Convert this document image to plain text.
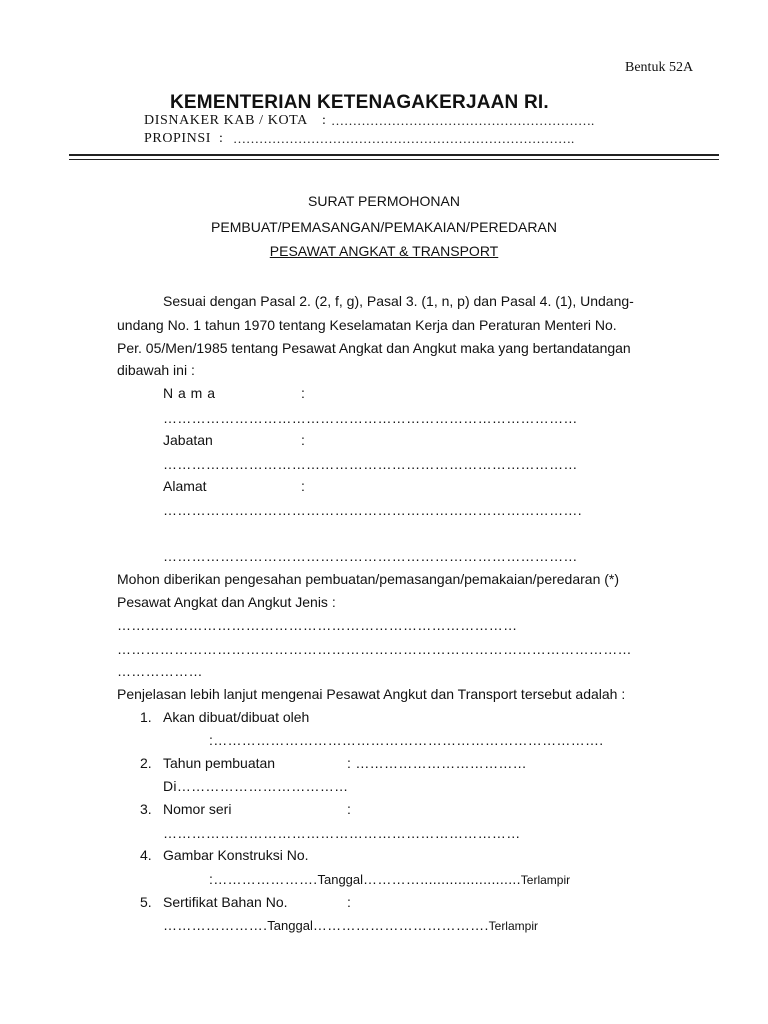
Bentuk 52A
KEMENTERIAN KETENAGAKERJAAN RI.
DISNAKER KAB / KOTA : …………………………………………………….
PROPINSI : …………………………………………………………………….
SURAT PERMOHONAN
PEMBUAT/PEMASANGAN/PEMAKAIAN/PEREDARAN
PESAWAT ANGKAT & TRANSPORT
Sesuai dengan Pasal 2. (2, f, g), Pasal 3. (1, n, p) dan Pasal 4. (1), Undang-
undang No. 1 tahun 1970 tentang Keselamatan Kerja dan Peraturan Menteri No.
Per. 05/Men/1985 tentang Pesawat Angkat dan Angkut maka yang bertandatangan
dibawah ini :
N a m a	:
……………………………………………………………………………
Jabatan	:
……………………………………………………………………………
Alamat	:
…………………………………………………………………………….
……………………………………………………………………………
Mohon diberikan pengesahan pembuatan/pemasangan/pemakaian/peredaran (*)
Pesawat Angkat dan Angkut Jenis :
…………………………………………………………………………
………………………………………………………………………………………………
………………
Penjelasan lebih lanjut mengenai Pesawat Angkut dan Transport tersebut adalah :
1. Akan dibuat/dibuat oleh
:……………………………………………………………………….
2. Tahun pembuatan	: ………………………………
Di………………………………
3. Nomor seri	:
…………………………………………………………………
4. Gambar Konstruksi No.
:………………….Tanggal…………........................Terlampir
5. Sertifikat Bahan No.	:
………………….Tanggal……………………………….Terlampir
